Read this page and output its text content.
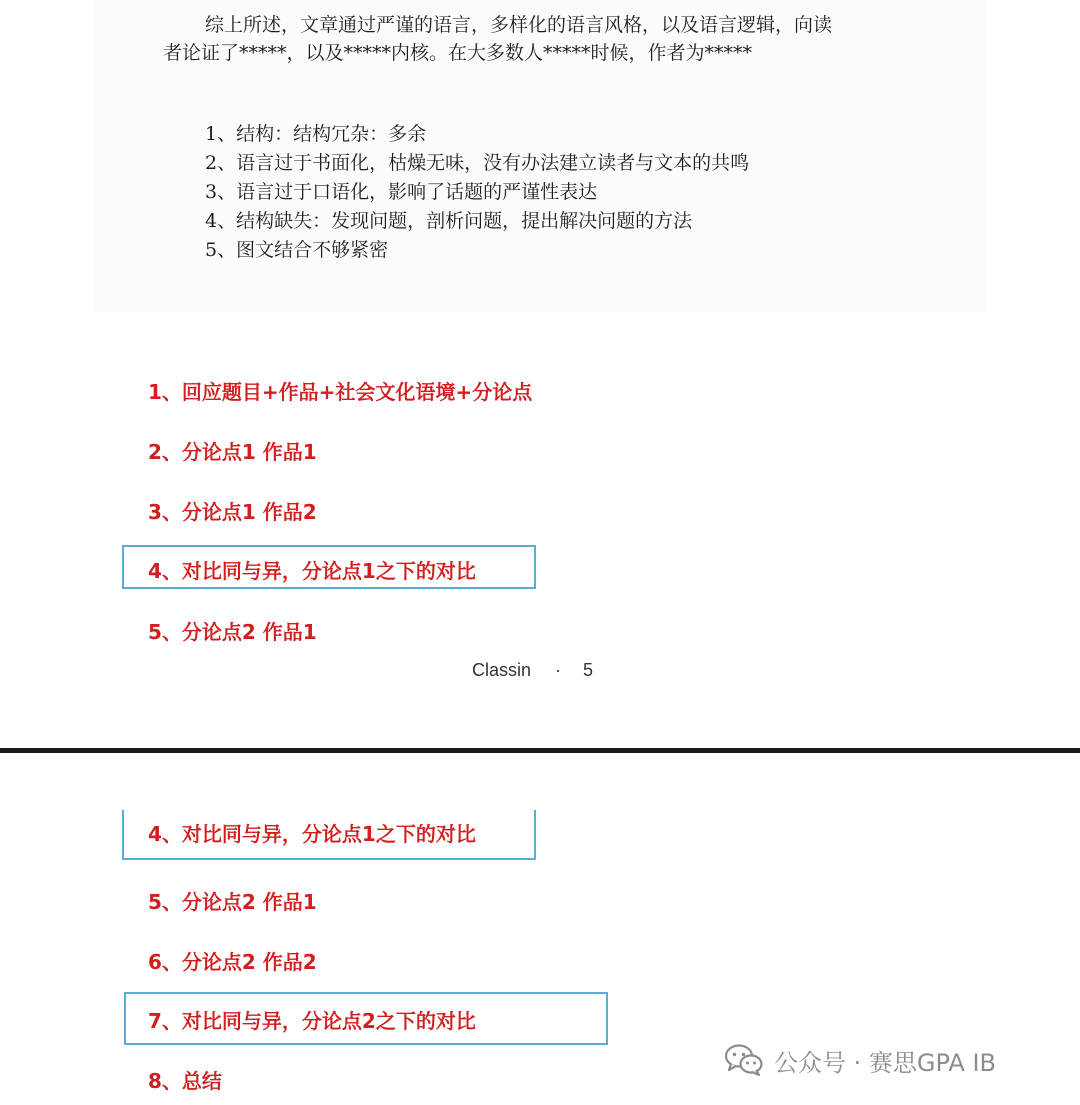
综上所述，文章通过严谨的语言，多样化的语言风格，以及语言逻辑，向读

者论证了*****，以及*****内核。在大多数人*****时候，作者为*****

1、结构：结构冗杂：多余
2、语言过于书面化，枯燥无味，没有办法建立读者与文本的共鸣
3、语言过于口语化，影响了话题的严谨性表达
4、结构缺失：发现问题，剖析问题，提出解决问题的方法
5、图文结合不够紧密

1、回应题目+作品+社会文化语境+分论点

2、分论点1 作品1

3、分论点1 作品2

4、对比同与异，分论点1之下的对比

5、分论点2 作品1

Classin · 5

4、对比同与异，分论点1之下的对比

5、分论点2 作品1

6、分论点2 作品2

7、对比同与异，分论点2之下的对比

8、总结

公众号 · 赛思GPA IB
